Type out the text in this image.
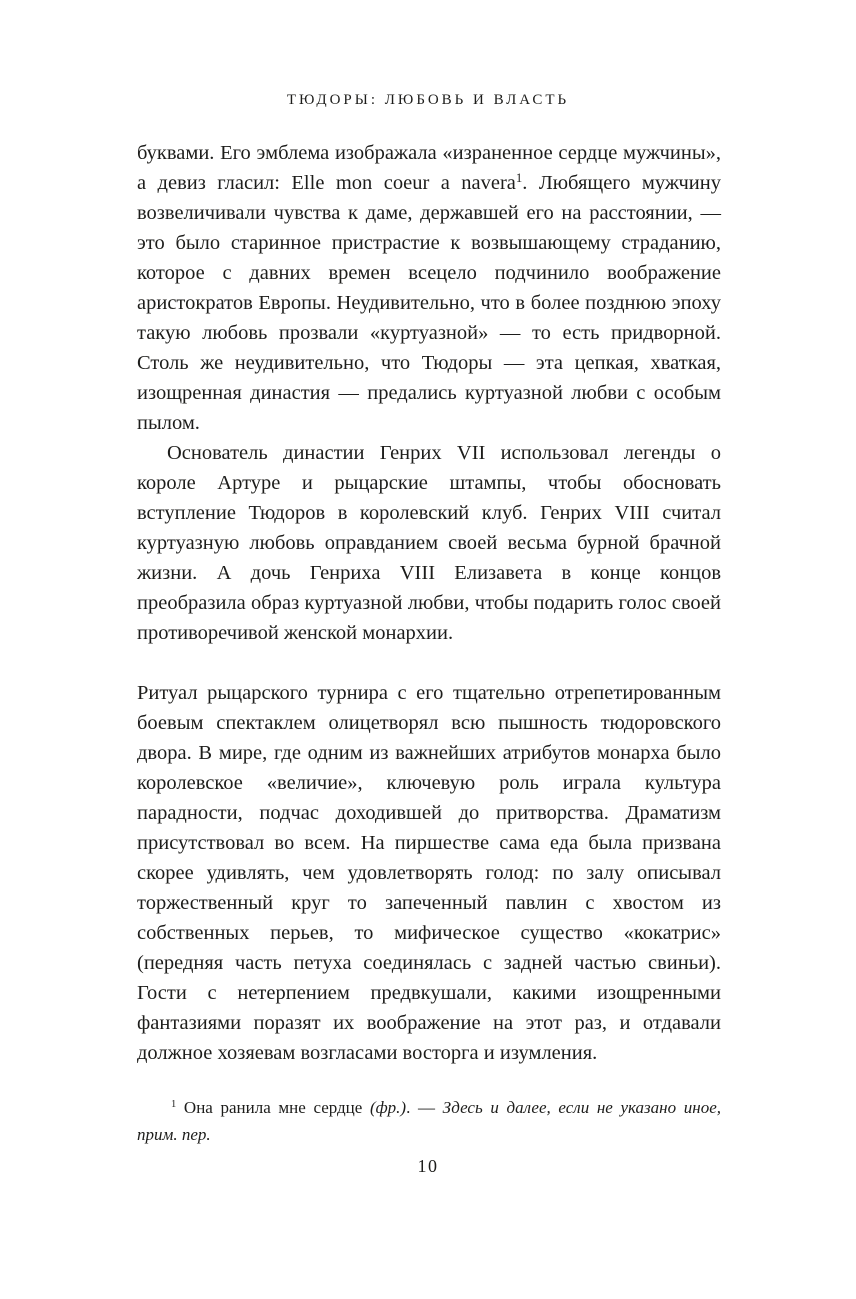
ТЮДОРЫ: ЛЮБОВЬ И ВЛАСТЬ

буквами. Его эмблема изображала «израненное сердце мужчины», а девиз гласил: Elle mon coeur a navera$^1$. Любящего мужчину возвеличивали чувства к даме, державшей его на расстоянии, — это было старинное пристрастие к возвышающему страданию, которое с давних времен всецело подчинило воображение аристократов Европы. Неудивительно, что в более позднюю эпоху такую любовь прозвали «куртуазной» — то есть придворной. Столь же неудивительно, что Тюдоры — эта цепкая, хваткая, изощренная династия — предались куртуазной любви с особым пылом.

Основатель династии Генрих VII использовал легенды о короле Артуре и рыцарские штампы, чтобы обосновать вступление Тюдоров в королевский клуб. Генрих VIII считал куртуазную любовь оправданием своей весьма бурной брачной жизни. А дочь Генриха VIII Елизавета в конце концов преобразила образ куртуазной любви, чтобы подарить голос своей противоречивой женской монархии.

Ритуал рыцарского турнира с его тщательно отрепетированным боевым спектаклем олицетворял всю пышность тюдоровского двора. В мире, где одним из важнейших атрибутов монарха было королевское «величие», ключевую роль играла культура парадности, подчас доходившей до притворства. Драматизм присутствовал во всем. На пиршестве сама еда была призвана скорее удивлять, чем удовлетворять голод: по залу описывал торжественный круг то запеченный павлин с хвостом из собственных перьев, то мифическое существо «кокатрис» (передняя часть петуха соединялась с задней частью свиньи). Гости с нетерпением предвкушали, какими изощренными фантазиями поразят их воображение на этот раз, и отдавали должное хозяевам возгласами восторга и изумления.

$^1$ Она ранила мне сердце (фр.). — Здесь и далее, если не указано иное, прим. пер.
10
